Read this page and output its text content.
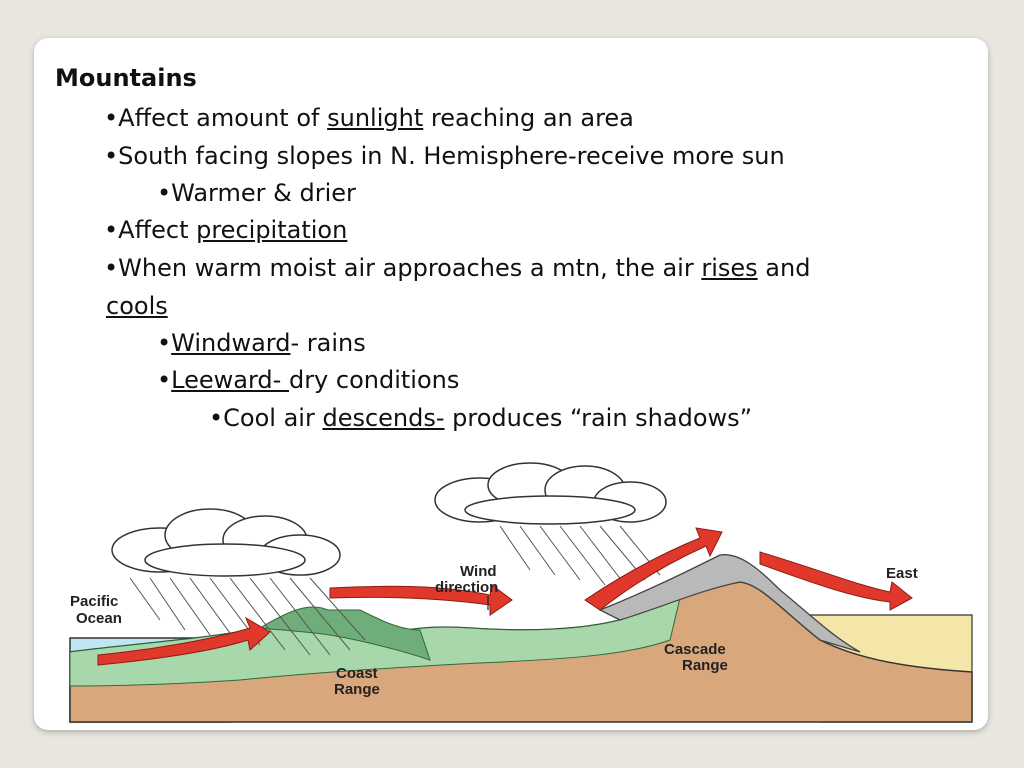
Mountains
•Affect amount of sunlight reaching an area
•South facing slopes in N. Hemisphere-receive more sun
•Warmer & drier
•Affect precipitation
•When warm moist air approaches a mtn, the air rises and
cools
•Windward- rains
•Leeward- dry conditions
•Cool air descends- produces “rain shadows”
Pacific
Ocean
Wind
direction
Coast
Range
Cascade
Range
East
